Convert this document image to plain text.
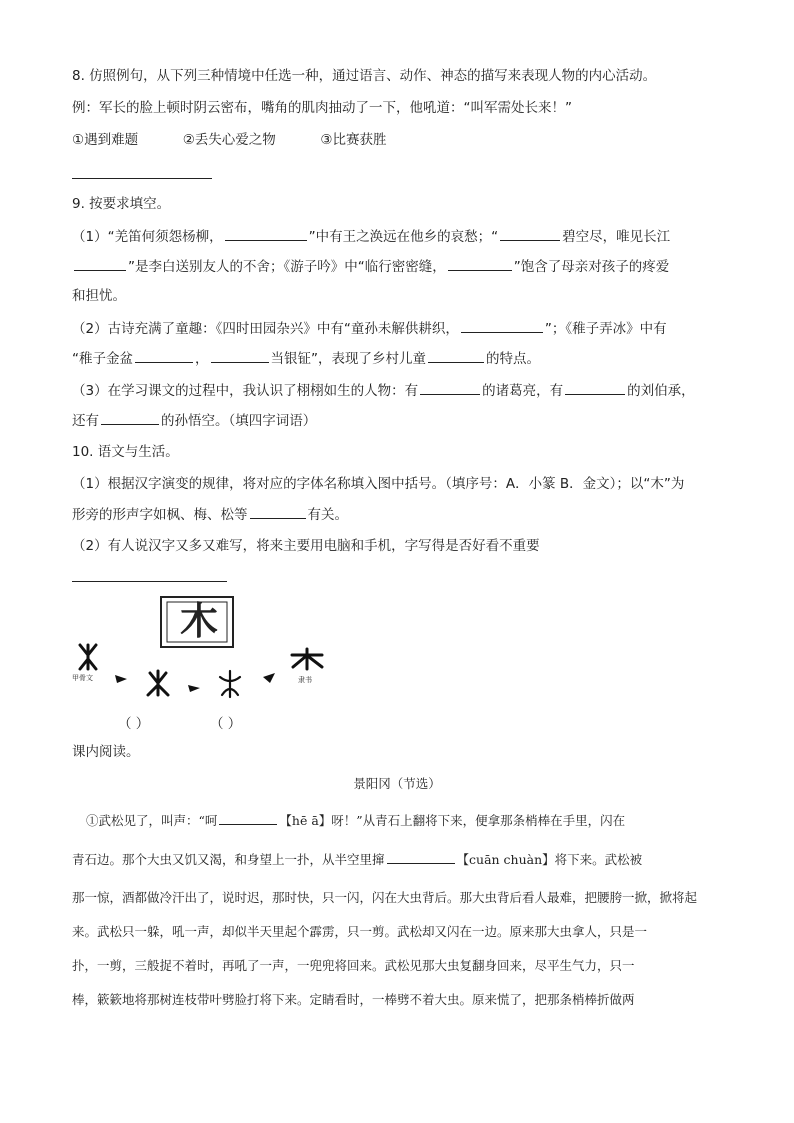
8. 仿照例句，从下列三种情境中任选一种，通过语言、动作、神态的描写来表现人物的内心活动。
例：军长的脸上顿时阴云密布，嘴角的肌肉抽动了一下，他吼道：“叫军需处长来！”
①遇到难题	②丢失心爱之物	③比赛获胜
9. 按要求填空。
（1）“羌笛何须怨杨柳，	”中有王之涣远在他乡的哀愁；“	碧空尽，唯见长江
”是李白送别友人的不舍；《游子吟》中“临行密密缝，	”饱含了母亲对孩子的疼爱
和担忧。
（2）古诗充满了童趣：《四时田园杂兴》中有“童孙未解供耕织，	”；《稚子弄冰》中有
“稚子金盆	，	当银钲”，表现了乡村儿童	的特点。
（3）在学习课文的过程中，我认识了栩栩如生的人物：有	的诸葛亮，有	的刘伯承，
还有	的孙悟空。（填四字词语）
10. 语文与生活。
（1）根据汉字演变的规律，将对应的字体名称填入图中括号。（填序号：A．小篆 B．金文）；以“木”为
形旁的形声字如枫、梅、松等	有关。
（2）有人说汉字又多又难写，将来主要用电脑和手机，字写得是否好看不重要
木
甲骨文	隶书
（ ）	（ ）
课内阅读。
景阳冈（节选）
①武松见了，叫声：“呵	【hē ā】呀！”从青石上翻将下来，便拿那条梢棒在手里，闪在
青石边。那个大虫又饥又渴，和身望上一扑，从半空里撺	【cuān chuàn】将下来。武松被
那一惊，酒都做冷汗出了，说时迟，那时快，只一闪，闪在大虫背后。那大虫背后看人最难，把腰胯一掀，掀将起
来。武松只一躲，吼一声，却似半天里起个霹雳，只一剪。武松却又闪在一边。原来那大虫拿人，只是一
扑，一剪，三般捉不着时，再吼了一声，一兜兜将回来。武松见那大虫复翻身回来，尽平生气力，只一
棒，簌簌地将那树连枝带叶劈脸打将下来。定睛看时，一棒劈不着大虫。原来慌了，把那条梢棒折做两
